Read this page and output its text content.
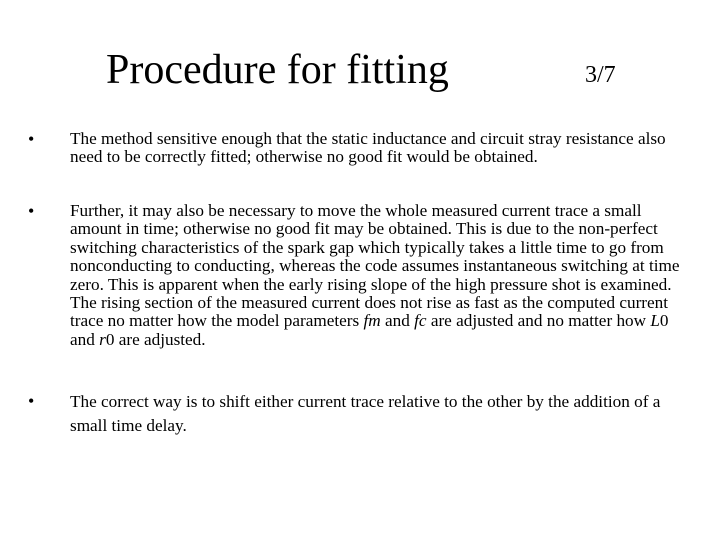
Procedure for fitting	3/7
• The method sensitive enough that the static inductance and circuit stray resistance also need to be correctly fitted; otherwise no good fit would be obtained.
• Further, it may also be necessary to move the whole measured current trace a small amount in time; otherwise no good fit may be obtained. This is due to the non-perfect switching characteristics of the spark gap which typically takes a little time to go from nonconducting to conducting, whereas the code assumes instantaneous switching at time zero. This is apparent when the early rising slope of the high pressure shot is examined. The rising section of the measured current does not rise as fast as the computed current trace no matter how the model parameters fm and fc are adjusted and no matter how L0 and r0 are adjusted.
• The correct way is to shift either current trace relative to the other by the addition of a small time delay.
